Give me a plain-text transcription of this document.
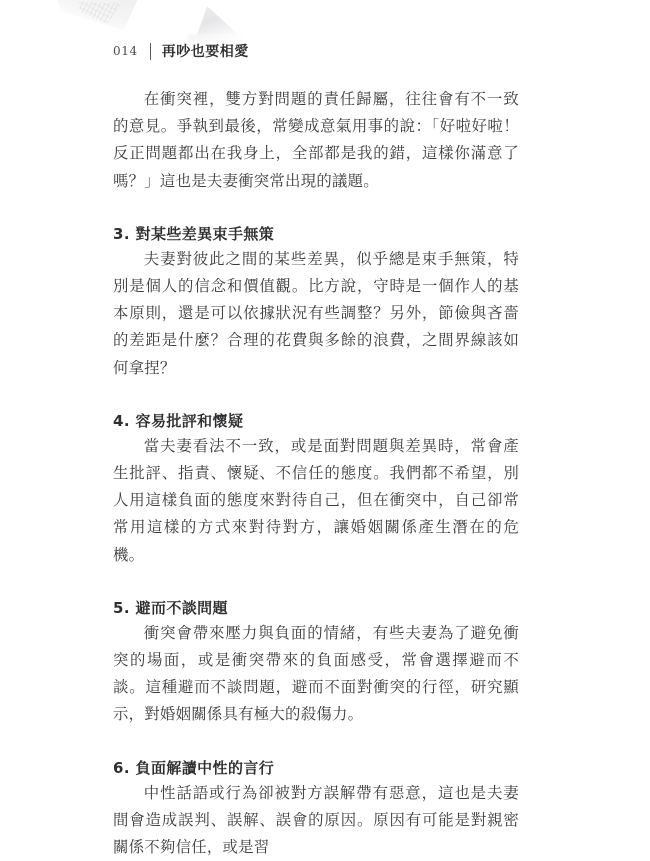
014 再吵也要相愛

在衝突裡，雙方對問題的責任歸屬，往往會有不一致的意見。爭執到最後，常變成意氣用事的說：「好啦好啦！反正問題都出在我身上，全部都是我的錯，這樣你滿意了嗎？」這也是夫妻衝突常出現的議題。

3. 對某些差異束手無策

夫妻對彼此之間的某些差異，似乎總是束手無策，特別是個人的信念和價值觀。比方說，守時是一個作人的基本原則，還是可以依據狀況有些調整？另外，節儉與吝嗇的差距是什麼？合理的花費與多餘的浪費，之間界線該如何拿捏？

4. 容易批評和懷疑

當夫妻看法不一致，或是面對問題與差異時，常會產生批評、指責、懷疑、不信任的態度。我們都不希望，別人用這樣負面的態度來對待自己，但在衝突中，自己卻常常用這樣的方式來對待對方，讓婚姻關係產生潛在的危機。

5. 避而不談問題

衝突會帶來壓力與負面的情緒，有些夫妻為了避免衝突的場面，或是衝突帶來的負面感受，常會選擇避而不談。這種避而不談問題，避而不面對衝突的行徑，研究顯示，對婚姻關係具有極大的殺傷力。

6. 負面解讀中性的言行

中性話語或行為卻被對方誤解帶有惡意，這也是夫妻間會造成誤判、誤解、誤會的原因。原因有可能是對親密關係不夠信任，或是習
